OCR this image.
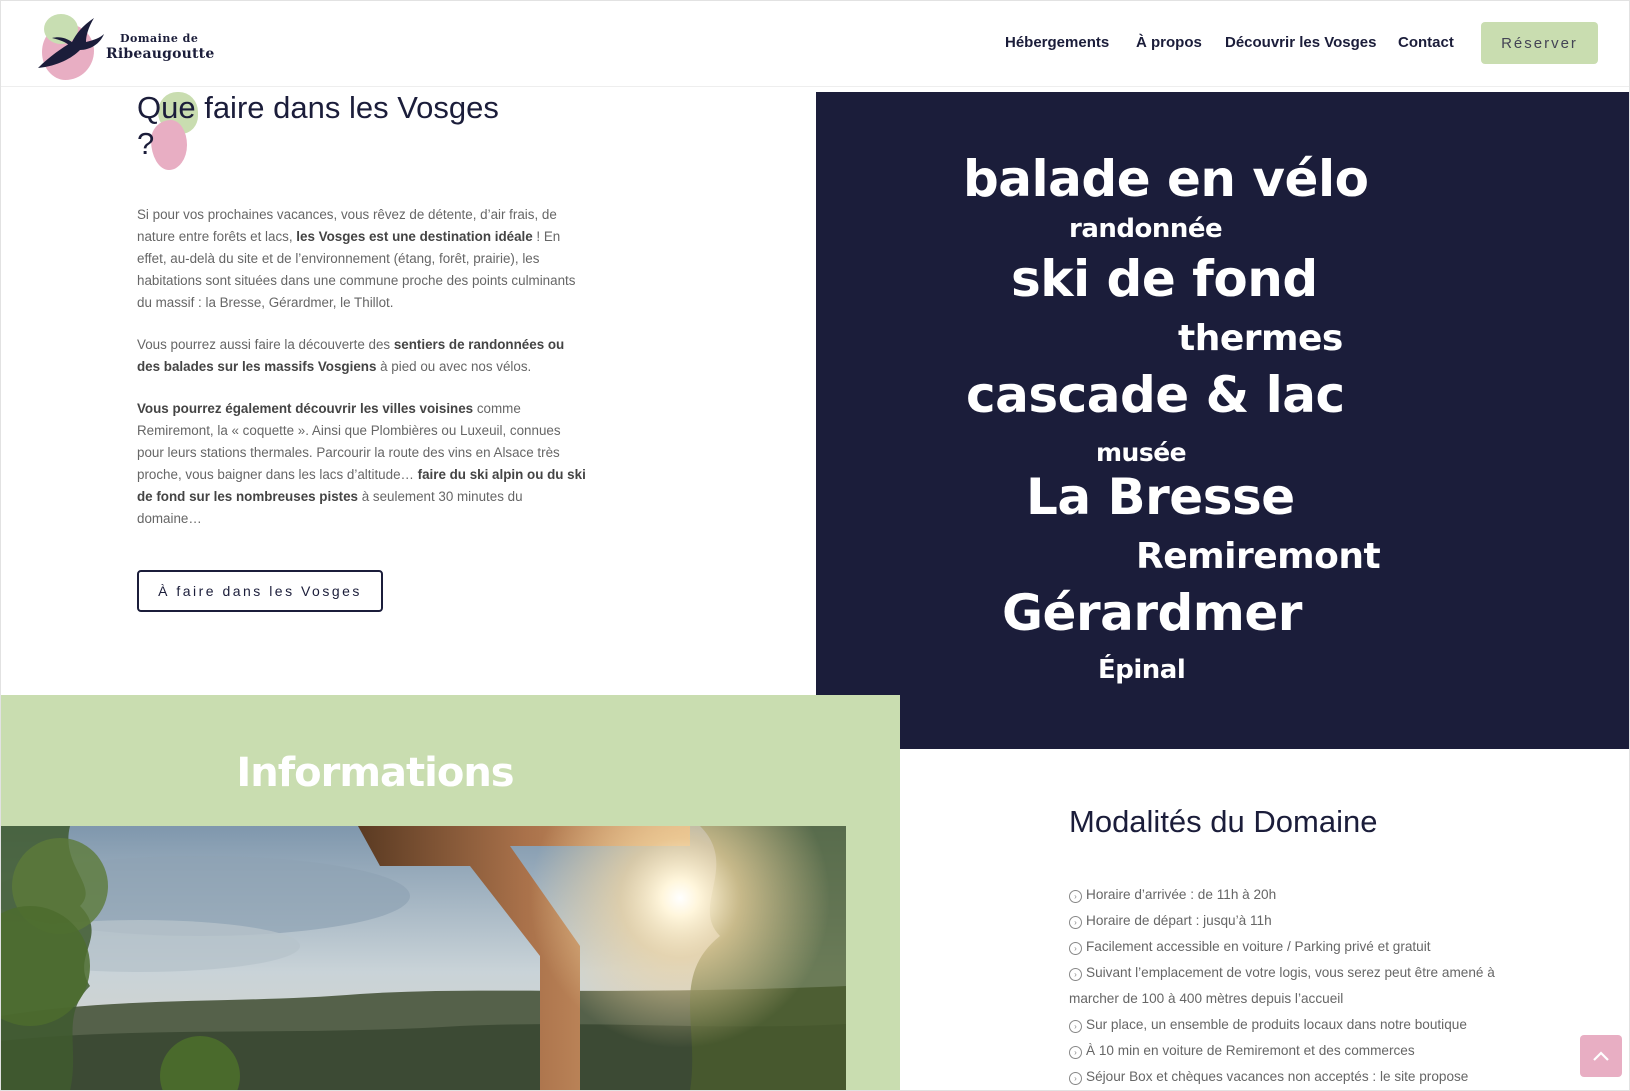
Domaine de
Ribeaugoutte
Hébergements À propos Découvrir les Vosges Contact	Réserver
Que faire dans les Vosges
?
Si pour vos prochaines vacances, vous rêvez de détente, d’air frais, de nature entre forêts et lacs, les Vosges est une destination idéale ! En effet, au-delà du site et de l’environnement (étang, forêt, prairie), les habitations sont situées dans une commune proche des points culminants du massif : la Bresse, Gérardmer, le Thillot.
Vous pourrez aussi faire la découverte des sentiers de randonnées ou des balades sur les massifs Vosgiens à pied ou avec nos vélos.
Vous pourrez également découvrir les villes voisines comme Remiremont, la « coquette ». Ainsi que Plombières ou Luxeuil, connues pour leurs stations thermales. Parcourir la route des vins en Alsace très proche, vous baigner dans les lacs d’altitude… faire du ski alpin ou du ski de fond sur les nombreuses pistes à seulement 30 minutes du domaine…
À faire dans les Vosges
balade en vélo
randonnée
ski de fond
thermes
cascade & lac
musée
La Bresse
Remiremont
Gérardmer
Épinal
Informations
Modalités du Domaine
› Horaire d’arrivée : de 11h à 20h
› Horaire de départ : jusqu’à 11h
› Facilement accessible en voiture / Parking privé et gratuit
› Suivant l’emplacement de votre logis, vous serez peut être amené à marcher de 100 à 400 mètres depuis l’accueil
› Sur place, un ensemble de produits locaux dans notre boutique
› À 10 min en voiture de Remiremont et des commerces
› Séjour Box et chèques vacances non acceptés : le site propose
